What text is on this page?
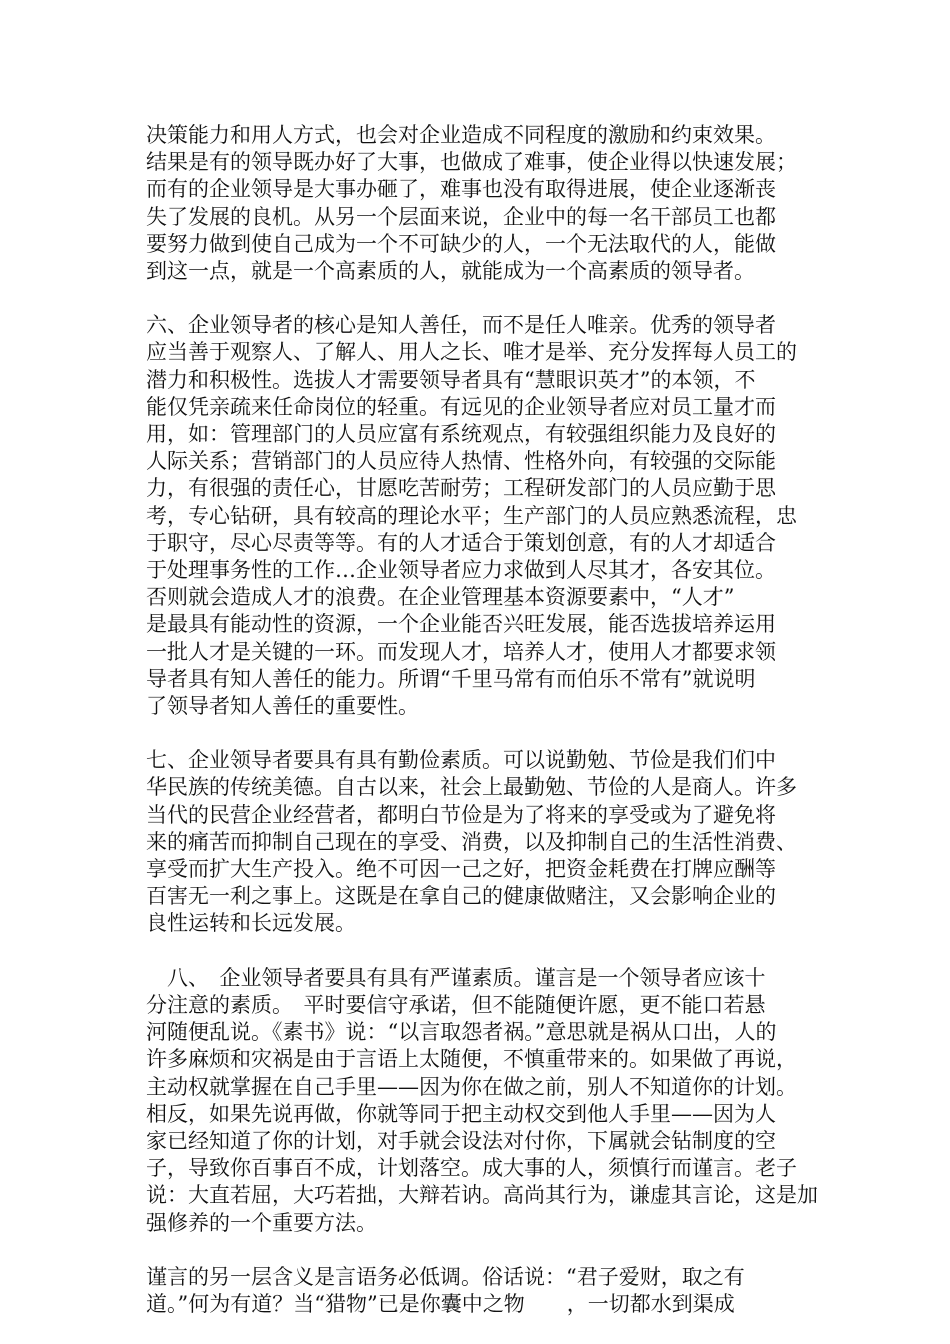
决策能力和用人方式，也会对企业造成不同程度的激励和约束效果。
结果是有的领导既办好了大事，也做成了难事，使企业得以快速发展；
而有的企业领导是大事办砸了，难事也没有取得进展，使企业逐渐丧
失了发展的良机。从另一个层面来说，企业中的每一名干部员工也都
要努力做到使自己成为一个不可缺少的人，一个无法取代的人，能做
到这一点，就是一个高素质的人，就能成为一个高素质的领导者。

六、企业领导者的核心是知人善任，而不是任人唯亲。优秀的领导者
应当善于观察人、了解人、用人之长、唯才是举、充分发挥每人员工的
潜力和积极性。选拔人才需要领导者具有“慧眼识英才”的本领，不
能仅凭亲疏来任命岗位的轻重。有远见的企业领导者应对员工量才而
用，如：管理部门的人员应富有系统观点，有较强组织能力及良好的
人际关系；营销部门的人员应待人热情、性格外向，有较强的交际能
力，有很强的责任心，甘愿吃苦耐劳；工程研发部门的人员应勤于思
考，专心钻研，具有较高的理论水平；生产部门的人员应熟悉流程，忠
于职守，尽心尽责等等。有的人才适合于策划创意，有的人才却适合
于处理事务性的工作…企业领导者应力求做到人尽其才，各安其位。
否则就会造成人才的浪费。在企业管理基本资源要素中，“人才”
是最具有能动性的资源，一个企业能否兴旺发展，能否选拔培养运用
一批人才是关键的一环。而发现人才，培养人才，使用人才都要求领
导者具有知人善任的能力。所谓“千里马常有而伯乐不常有”就说明
了领导者知人善任的重要性。

七、企业领导者要具有具有勤俭素质。可以说勤勉、节俭是我们们中
华民族的传统美德。自古以来，社会上最勤勉、节俭的人是商人。许多
当代的民营企业经营者，都明白节俭是为了将来的享受或为了避免将
来的痛苦而抑制自己现在的享受、消费，以及抑制自己的生活性消费、
享受而扩大生产投入。绝不可因一己之好，把资金耗费在打牌应酬等
百害无一利之事上。这既是在拿自己的健康做赌注，又会影响企业的
良性运转和长远发展。

　八、　企业领导者要具有具有严谨素质。谨言是一个领导者应该十
分注意的素质。　平时要信守承诺，但不能随便许愿，更不能口若悬
河随便乱说。《素书》说：“以言取怨者祸。”意思就是祸从口出，人的
许多麻烦和灾祸是由于言语上太随便，不慎重带来的。如果做了再说，
主动权就掌握在自己手里——因为你在做之前，别人不知道你的计划。
相反，如果先说再做，你就等同于把主动权交到他人手里——因为人
家已经知道了你的计划，对手就会设法对付你，下属就会钻制度的空
子，导致你百事百不成，计划落空。成大事的人，须慎行而谨言。老子
说：大直若屈，大巧若拙，大辩若讷。高尚其行为，谦虚其言论，这是加
强修养的一个重要方法。

谨言的另一层含义是言语务必低调。俗话说：“君子爱财，取之有
道。”何为有道？当“猎物”已是你囊中之物　　，一切都水到渠成
